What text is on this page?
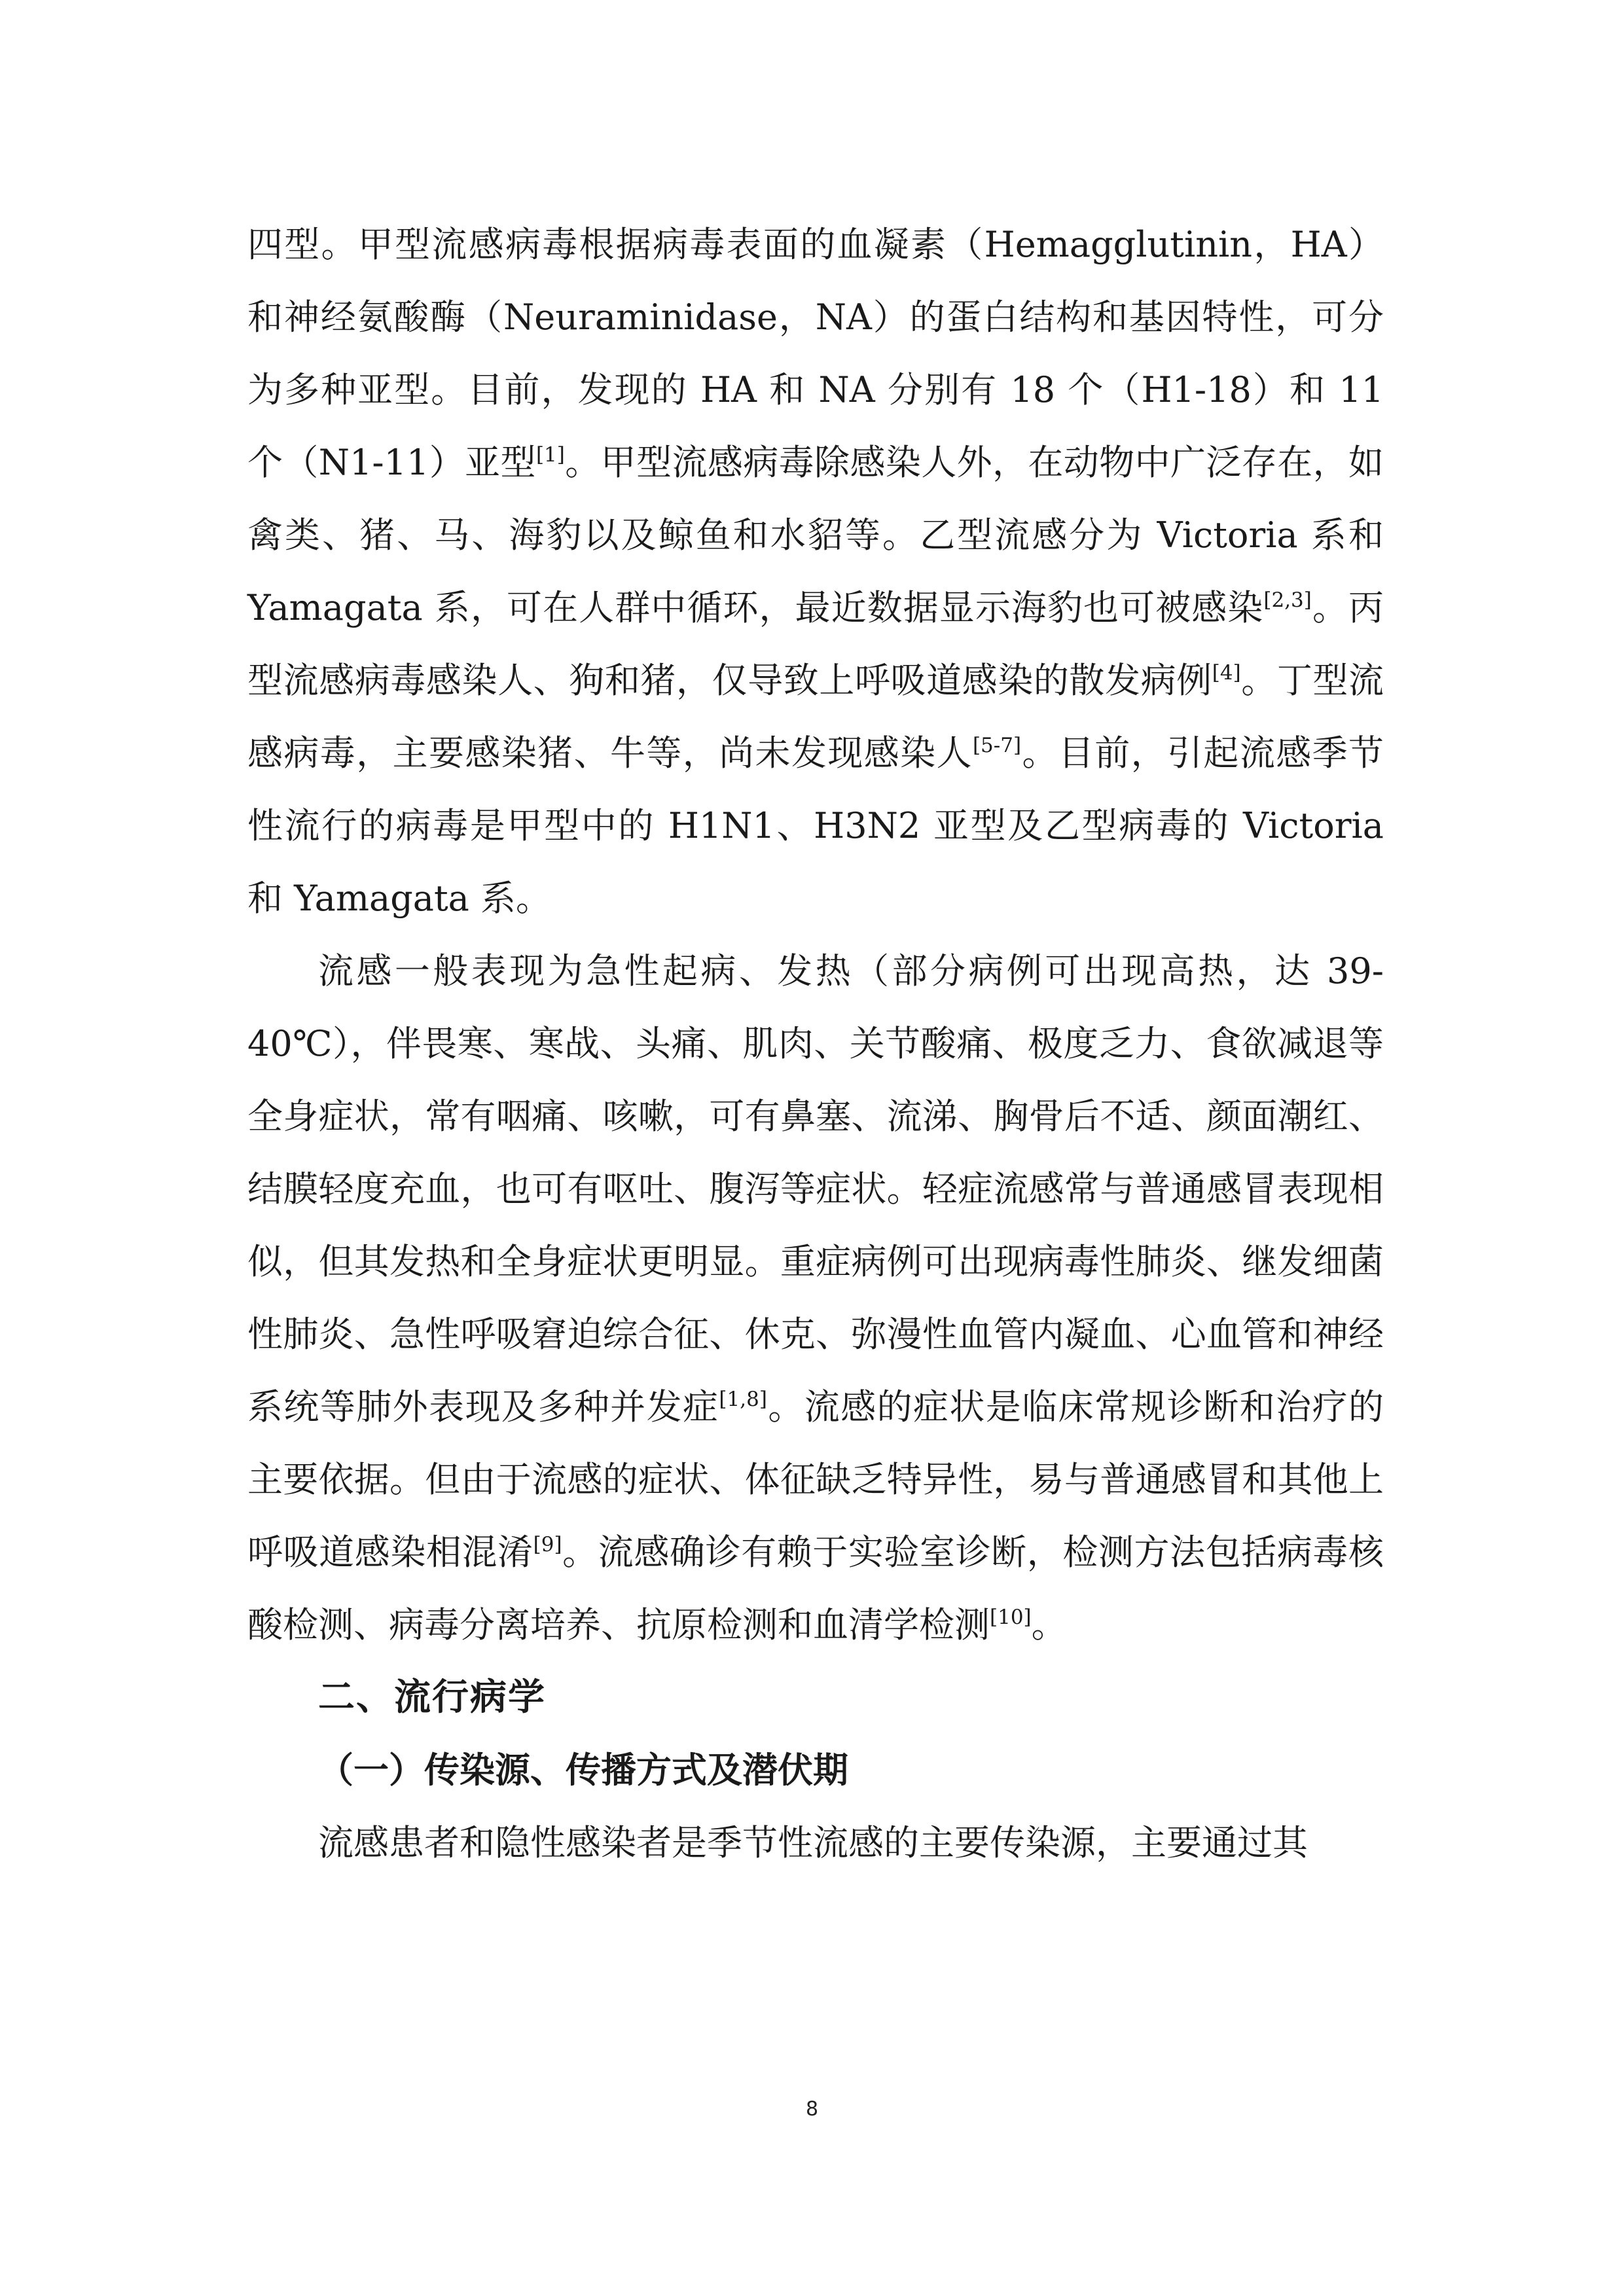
四型。甲型流感病毒根据病毒表面的血凝素（Hemagglutinin，HA）和神经氨酸酶（Neuraminidase，NA）的蛋白结构和基因特性，可分为多种亚型。目前，发现的 HA 和 NA 分别有 18 个（H1-18）和 11 个（N1-11）亚型[1]。甲型流感病毒除感染人外，在动物中广泛存在，如禽类、猪、马、海豹以及鲸鱼和水貂等。乙型流感分为 Victoria 系和 Yamagata 系，可在人群中循环，最近数据显示海豹也可被感染[2,3]。丙型流感病毒感染人、狗和猪，仅导致上呼吸道感染的散发病例[4]。丁型流感病毒，主要感染猪、牛等，尚未发现感染人[5-7]。目前，引起流感季节性流行的病毒是甲型中的 H1N1、H3N2 亚型及乙型病毒的 Victoria 和 Yamagata 系。

流感一般表现为急性起病、发热（部分病例可出现高热，达 39-40℃），伴畏寒、寒战、头痛、肌肉、关节酸痛、极度乏力、食欲减退等全身症状，常有咽痛、咳嗽，可有鼻塞、流涕、胸骨后不适、颜面潮红、结膜轻度充血，也可有呕吐、腹泻等症状。轻症流感常与普通感冒表现相似，但其发热和全身症状更明显。重症病例可出现病毒性肺炎、继发细菌性肺炎、急性呼吸窘迫综合征、休克、弥漫性血管内凝血、心血管和神经系统等肺外表现及多种并发症[1,8]。流感的症状是临床常规诊断和治疗的主要依据。但由于流感的症状、体征缺乏特异性，易与普通感冒和其他上呼吸道感染相混淆[9]。流感确诊有赖于实验室诊断，检测方法包括病毒核酸检测、病毒分离培养、抗原检测和血清学检测[10]。

二、流行病学
（一）传染源、传播方式及潜伏期

流感患者和隐性感染者是季节性流感的主要传染源，主要通过其

8
